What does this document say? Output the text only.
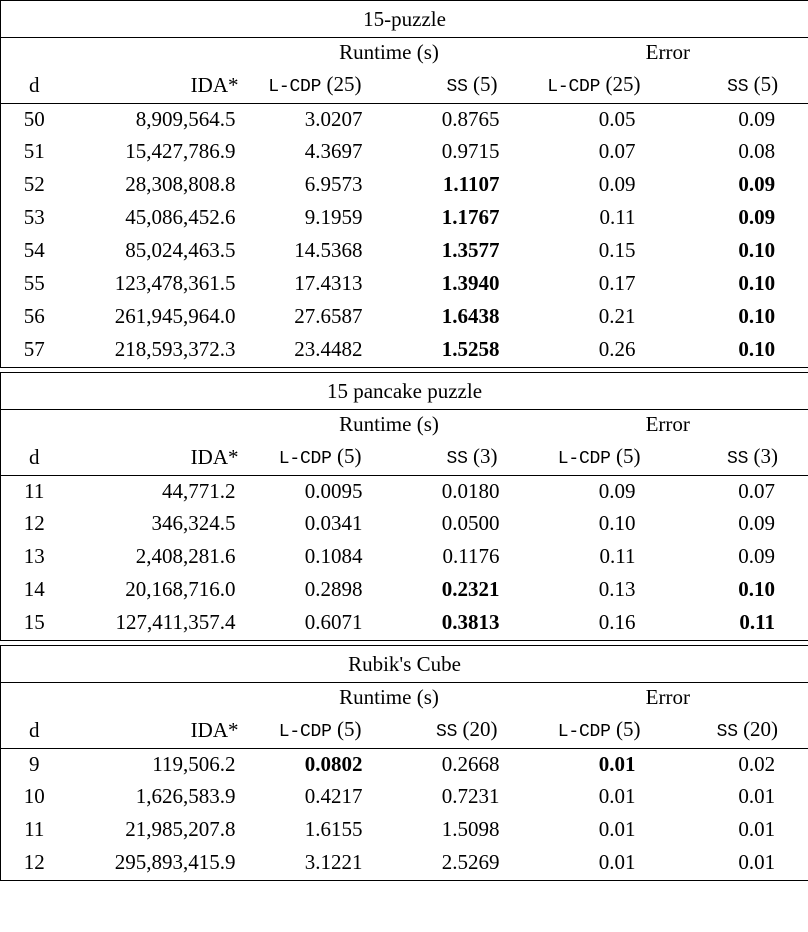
15-puzzle					
		Runtime (s)		Error	
d	IDA*	L-CDP (25)	SS (5)	L-CDP (25)	SS (5)
50	8,909,564.5	3.0207	0.8765	0.05	0.09
51	15,427,786.9	4.3697	0.9715	0.07	0.08
52	28,308,808.8	6.9573	1.1107	0.09	0.09
53	45,086,452.6	9.1959	1.1767	0.11	0.09
54	85,024,463.5	14.5368	1.3577	0.15	0.10
55	123,478,361.5	17.4313	1.3940	0.17	0.10
56	261,945,964.0	27.6587	1.6438	0.21	0.10
57	218,593,372.3	23.4482	1.5258	0.26	0.10
15 pancake puzzle					
		Runtime (s)		Error	
d	IDA*	L-CDP (5)	SS (3)	L-CDP (5)	SS (3)
11	44,771.2	0.0095	0.0180	0.09	0.07
12	346,324.5	0.0341	0.0500	0.10	0.09
13	2,408,281.6	0.1084	0.1176	0.11	0.09
14	20,168,716.0	0.2898	0.2321	0.13	0.10
15	127,411,357.4	0.6071	0.3813	0.16	0.11
Rubik's Cube					
		Runtime (s)		Error	
d	IDA*	L-CDP (5)	SS (20)	L-CDP (5)	SS (20)
9	119,506.2	0.0802	0.2668	0.01	0.02
10	1,626,583.9	0.4217	0.7231	0.01	0.01
11	21,985,207.8	1.6155	1.5098	0.01	0.01
12	295,893,415.9	3.1221	2.5269	0.01	0.01
